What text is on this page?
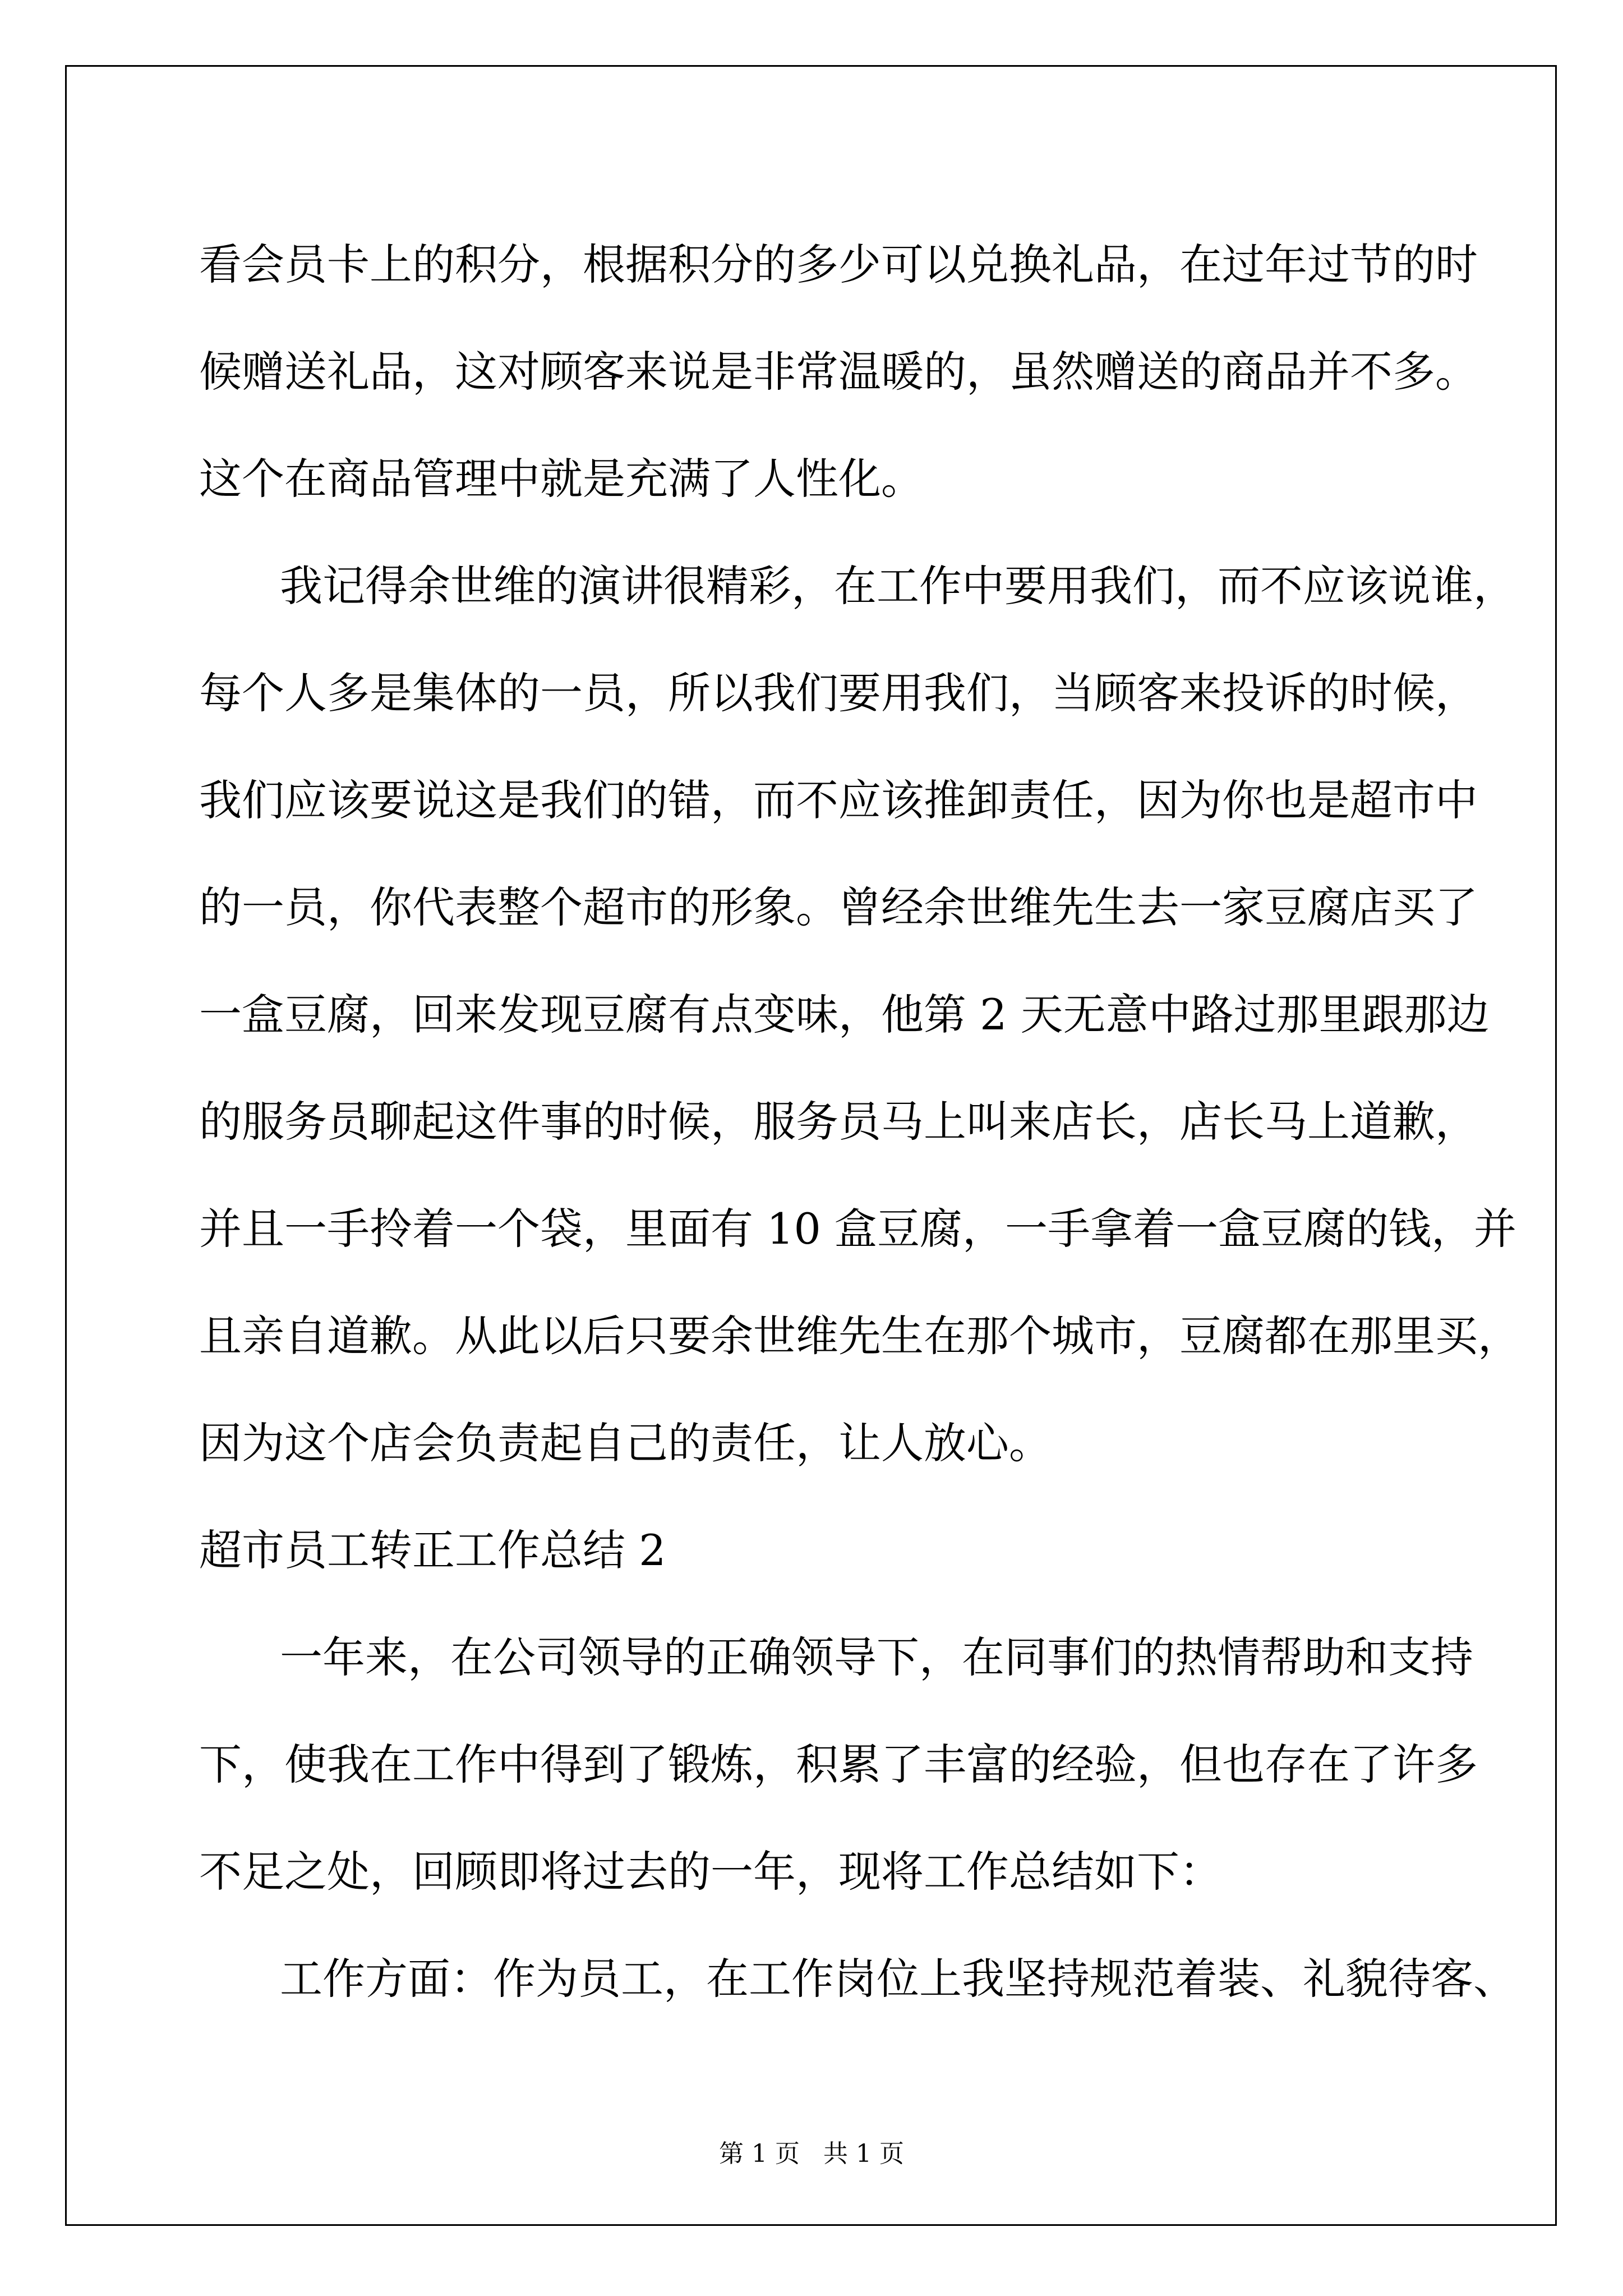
看会员卡上的积分，根据积分的多少可以兑换礼品，在过年过节的时
候赠送礼品，这对顾客来说是非常温暖的，虽然赠送的商品并不多。
这个在商品管理中就是充满了人性化。
我记得余世维的演讲很精彩，在工作中要用我们，而不应该说谁，
每个人多是集体的一员，所以我们要用我们，当顾客来投诉的时候，
我们应该要说这是我们的错，而不应该推卸责任，因为你也是超市中
的一员，你代表整个超市的形象。曾经余世维先生去一家豆腐店买了
一盒豆腐，回来发现豆腐有点变味，他第 2 天无意中路过那里跟那边
的服务员聊起这件事的时候，服务员马上叫来店长，店长马上道歉，
并且一手拎着一个袋，里面有 10 盒豆腐，一手拿着一盒豆腐的钱，并
且亲自道歉。从此以后只要余世维先生在那个城市，豆腐都在那里买，
因为这个店会负责起自己的责任，让人放心。
超市员工转正工作总结 2
一年来，在公司领导的正确领导下，在同事们的热情帮助和支持
下，使我在工作中得到了锻炼，积累了丰富的经验，但也存在了许多
不足之处，回顾即将过去的一年，现将工作总结如下：
工作方面：作为员工，在工作岗位上我坚持规范着装、礼貌待客、
第 1 页   共 1 页
